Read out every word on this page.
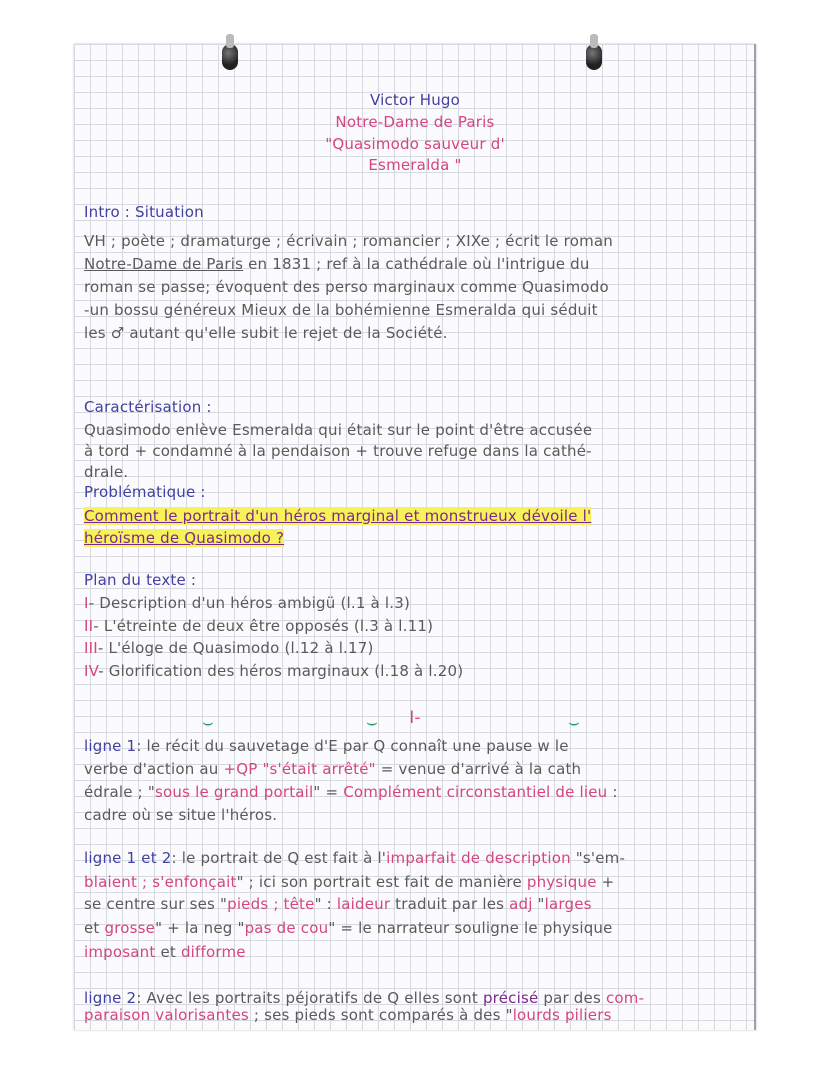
Victor Hugo
Notre-Dame de Paris
"Quasimodo sauveur d'
Esmeralda "
Intro : Situation
VH ; poète ; dramaturge ; écrivain ; romancier ; XIXe ; écrit le roman
Notre-Dame de Paris en 1831 ; ref à la cathédrale où l'intrigue du
roman se passe; évoquent des perso marginaux comme Quasimodo
-un bossu généreux Mieux de la bohémienne Esmeralda qui séduit
les ♂ autant qu'elle subit le rejet de la Société.
Caractérisation :
Quasimodo enlève Esmeralda qui était sur le point d'être accusée
à tord + condamné à la pendaison + trouve refuge dans la cathé-
drale.
Problématique :
Comment le portrait d'un héros marginal et monstrueux dévoile l'
héroïsme de Quasimodo ?
Plan du texte :
I- Description d'un héros ambigü (l.1 à l.3)
II- L'étreinte de deux être opposés (l.3 à l.11)
III- L'éloge de Quasimodo (l.12 à l.17)
IV- Glorification des héros marginaux (l.18 à l.20)
ligne 1: le récit du sauvetage d'E par Q connaît une pause w le
verbe d'action au +QP "s'était arrêté" = venue d'arrivé à la cath
édrale ; "sous le grand portail" = Complément circonstantiel de lieu :
cadre où se situe l'héros.
ligne 1 et 2: le portrait de Q est fait à l'imparfait de description "s'em-
blaient ; s'enfonçait" ; ici son portrait est fait de manière physique +
se centre sur ses "pieds ; tête" : laideur traduit par les adj "larges
et grosse" + la neg "pas de cou" = le narrateur souligne le physique
imposant et difforme
ligne 2: Avec les portraits péjoratifs de Q elles sont précisé par des com-
paraison valorisantes ; ses pieds sont comparés à des "lourds piliers
I-
⌣	⌣	⌣
